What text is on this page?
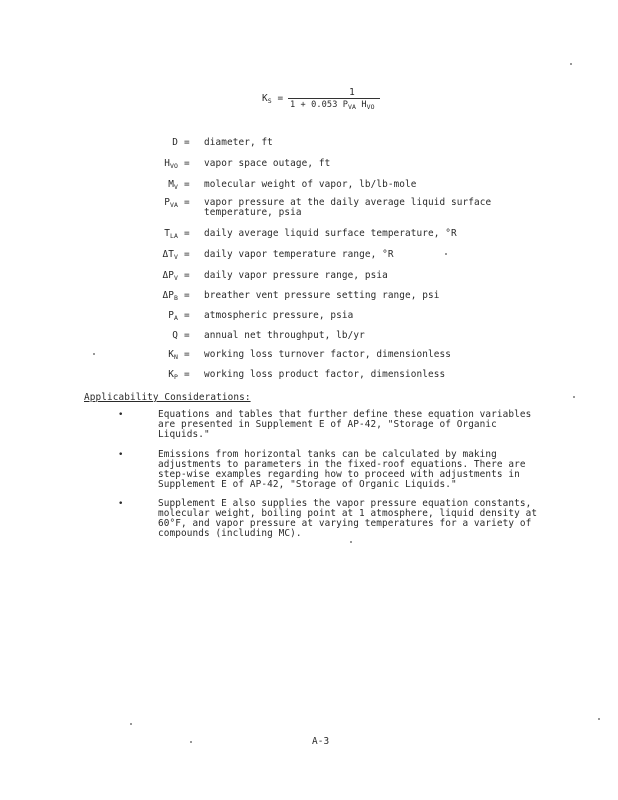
$K_S$ =
1
1 + 0.053 $P_{VA}$ $H_{VO}$
D = diameter, ft
$H_{VO}$ = vapor space outage, ft
$M_V$ = molecular weight of vapor, lb/lb-mole
$P_{VA}$ = vapor pressure at the daily average liquid surface
temperature, psia
$T_{LA}$ = daily average liquid surface temperature, °R
$\Delta T_V$ = daily vapor temperature range, °R
$\Delta P_V$ = daily vapor pressure range, psia
$\Delta P_B$ = breather vent pressure setting range, psi
$P_A$ = atmospheric pressure, psia
Q = annual net throughput, lb/yr
$K_N$ = working loss turnover factor, dimensionless
$K_P$ = working loss product factor, dimensionless
Applicability Considerations:
•	Equations and tables that further define these equation variables
are presented in Supplement E of AP-42, "Storage of Organic
Liquids."
•	Emissions from horizontal tanks can be calculated by making
adjustments to parameters in the fixed-roof equations. There are
step-wise examples regarding how to proceed with adjustments in
Supplement E of AP-42, "Storage of Organic Liquids."
•	Supplement E also supplies the vapor pressure equation constants,
molecular weight, boiling point at 1 atmosphere, liquid density at
60°F, and vapor pressure at varying temperatures for a variety of
compounds (including MC).
A-3
